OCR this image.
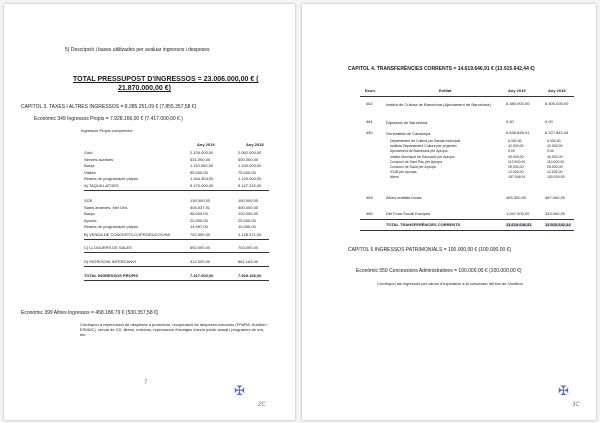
5) Descripció i bases utilitzades per avaluar ingressos i despeses
TOTAL PRESSUPOST D'INGRESSOS = 23.006.000,00 € (
21.870.000,00 €)
CAPITOL 3. TAXES I ALTRES INGRESSOS = 8.285.251,09 € (7.855.357,58 €)
Econòmic 349 Ingressos Propis = 7.928.166,00 € (7.417.000,00 € )
Ingressos Propis comprenen:
Any 2019	Any 2018
Gold	2.129.000,00	2.062.000,00
Serveis auxiliars	531.000,00	500.000,00
Barça	1.110.000,00	1.100.000,00
Visites	55.000,00	75.000,00
Restes de programació pròpia	1.344.304,00	1.120.000,00
A) TAQUILLATGES	5.170.000,00	5.127.242,00
SGE	139.000,00	150.000,00
Sales annexes, Mel Gris	405.537,91	400.000,00
Barça	98.000,00	100.000,00
Apunts	20.000,00	25.000,00
Restes de programació pròpia	14.997,00	10.000,00
B) VENDA DE CONCERTS-COPRODUCCIONS	752.000,00	1.128.371,00
C) LLOGUERS DE SALES	692.000,00	703.000,00
D) PATROCINI INTERCANVI	312.000,00	861.163,00
TOTAL INGRESSOS PROPIS	7.417.000,00	7.928.166,00
Econòmic 399 Altres Ingressos = 458.186,79 € (530.357,58 €)
Correspon a repercussió de despeses a promotors, recuperació de despeses comunes (FPARA, Auditori i ESMUC), venda de CD, llibres, edicions, reproducció d'imatges d'arxiu públic actual i programes de mà, etc.
7
✠
2C
CAPITOL 4. TRANSFERÈNCIES CORRENTS = 14.619.646,91 € (13.915.642,44 €)
Econ.	Entitat	Any 2019	Any 2018
462	Institut de Cultura de Barcelona (Ajuntament de Barcelona)	6.480.000,00	6.400.000,00
461	Diputació de Barcelona	0,00	0,00
450	Generalitat de Catalunya	6.636.846,91	6.227.842,44
Departament de Cultura per Banda municipal	6.300,00	6.300,00
Instituts Departament Cultura per projectes	42.000,00	42.000,00
Ajuntament de Barcelona per Apropa	0,00	0,00
Institut Municipal de Educació per Apropa	40.000,00	40.000,00
Consorci de Sant Pau per Apropa	112.500,00	110.000,00
Consorci de Salut per Apropa	25.000,00	25.000,00
ICUB per Apropa	12.000,00	12.000,00
Altres	157.046,91	100.000,00
489	Altres entitats locals	455.300,00	467.000,00
480	Del Fons Social Europeu	1.047.000,00	343.000,00
TOTAL TRANSFERÈNCIES CORRENTS	13.619.646,91	13.915.642,44
CAPITOL 5 INGRESSOS PATRIMONIALS = 100.000,00 € (100.000,00 €)
Econòmic 559 Concessions Administratives = 100.000,00 € (100.000,00 €)
Correspon als ingressos per cànon d'explotació a la concessió del bar de l'Auditori.
✠
3C
